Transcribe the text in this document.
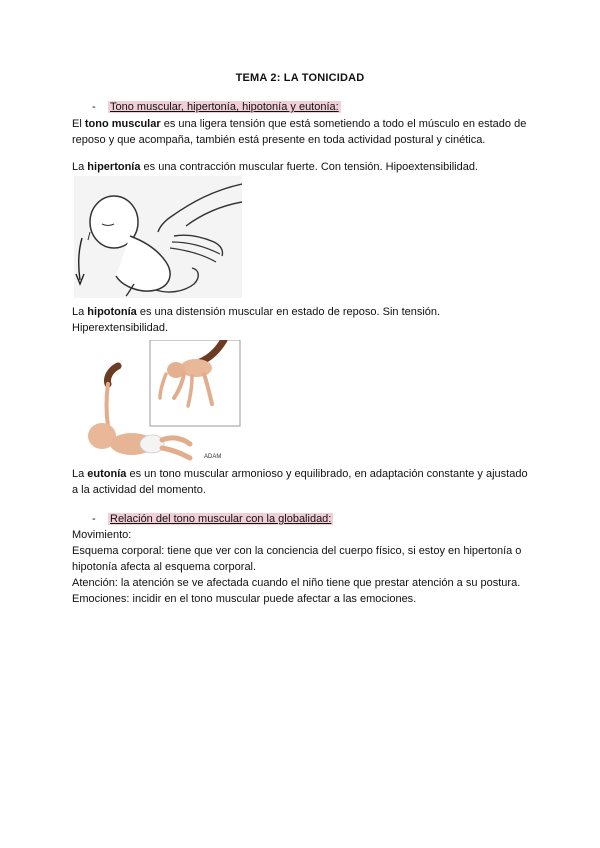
TEMA 2: LA TONICIDAD
- Tono muscular, hipertonía, hipotonía y eutonía:
El tono muscular es una ligera tensión que está sometiendo a todo el músculo en estado de reposo y que acompaña, también está presente en toda actividad postural y cinética.
La hipertonía es una contracción muscular fuerte. Con tensión. Hipoextensibilidad.
La hipotonía es una distensión muscular en estado de reposo. Sin tensión. Hiperextensibilidad.
ADAM
La eutonía es un tono muscular armonioso y equilibrado, en adaptación constante y ajustado a la actividad del momento.
- Relación del tono muscular con la globalidad:
Movimiento:
Esquema corporal: tiene que ver con la conciencia del cuerpo físico, si estoy en hipertonía o hipotonía afecta al esquema corporal.
Atención: la atención se ve afectada cuando el niño tiene que prestar atención a su postura.
Emociones: incidir en el tono muscular puede afectar a las emociones.
